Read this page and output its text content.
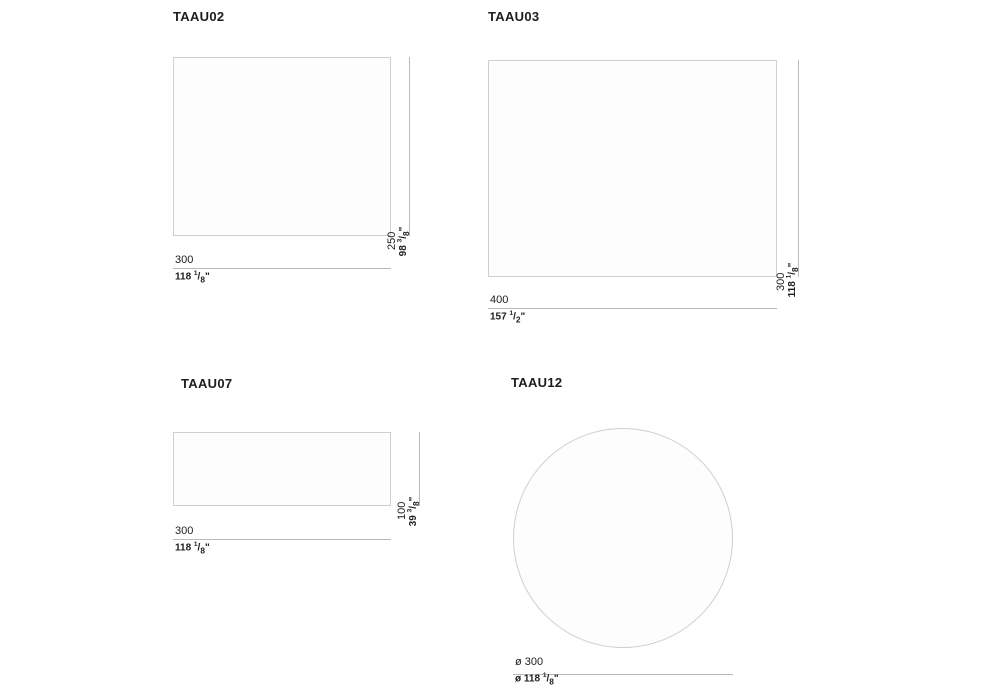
TAAU02
300
118 $^1/_8$"
250 98 $^3/_8$"
TAAU03
400
157 $^1/_2$"
300 118 $^1/_8$"
TAAU07
300
118 $^1/_8$"
100 39 $^3/_8$"
TAAU12
ø 300
ø 118 $^1/_8$"
